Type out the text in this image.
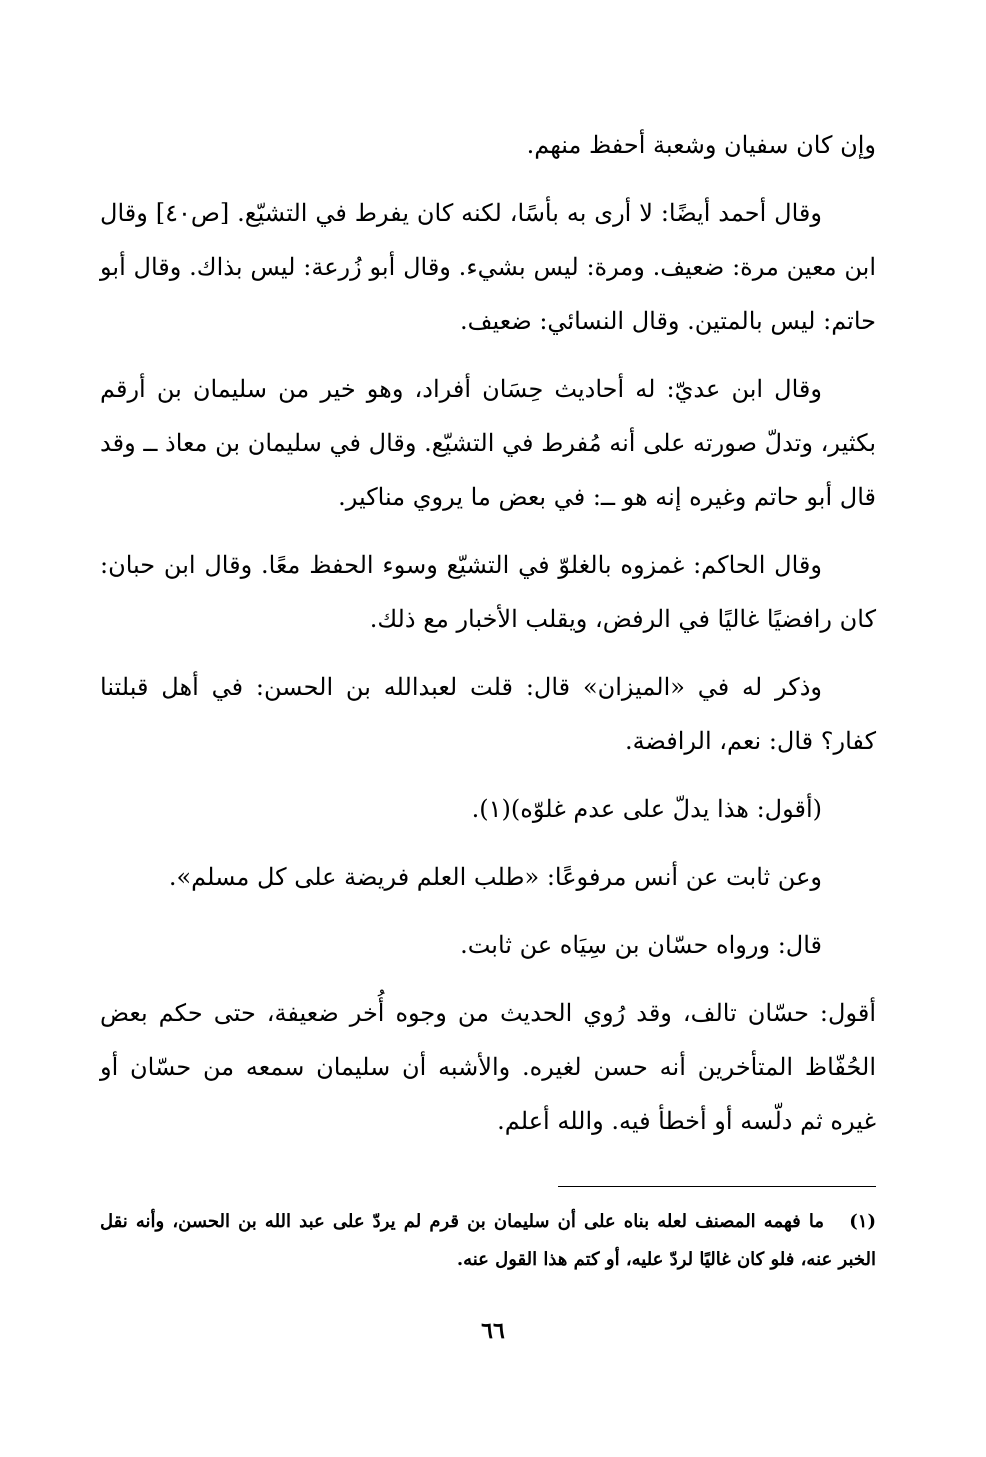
وإن كان سفيان وشعبة أحفظ منهم.

وقال أحمد أيضًا: لا أرى به بأسًا، لكنه كان يفرط في التشيّع. [ص٤٠] وقال ابن معين مرة: ضعيف. ومرة: ليس بشيء. وقال أبو زُرعة: ليس بذاك. وقال أبو حاتم: ليس بالمتين. وقال النسائي: ضعيف.

وقال ابن عديّ: له أحاديث حِسَان أفراد، وهو خير من سليمان بن أرقم بكثير، وتدلّ صورته على أنه مُفرط في التشيّع. وقال في سليمان بن معاذ ــ وقد قال أبو حاتم وغيره إنه هو ــ: في بعض ما يروي مناكير.

وقال الحاكم: غمزوه بالغلوّ في التشيّع وسوء الحفظ معًا. وقال ابن حبان: كان رافضيًا غاليًا في الرفض، ويقلب الأخبار مع ذلك.

وذكر له في «الميزان» قال: قلت لعبدالله بن الحسن: في أهل قبلتنا كفار؟ قال: نعم، الرافضة.

(أقول: هذا يدلّ على عدم غلوّه)(١).

وعن ثابت عن أنس مرفوعًا: «طلب العلم فريضة على كل مسلم».

قال: ورواه حسّان بن سِيَاه عن ثابت.

أقول: حسّان تالف، وقد رُوي الحديث من وجوه أُخر ضعيفة، حتى حكم بعض الحُفّاظ المتأخرين أنه حسن لغيره. والأشبه أن سليمان سمعه من حسّان أو غيره ثم دلّسه أو أخطأ فيه. والله أعلم.

(١)ما فهمه المصنف لعله بناه على أن سليمان بن قرم لم يردّ على عبد الله بن الحسن، وأنه نقل الخبر عنه، فلو كان غاليًا لردّ عليه، أو كتم هذا القول عنه.
٦٦
